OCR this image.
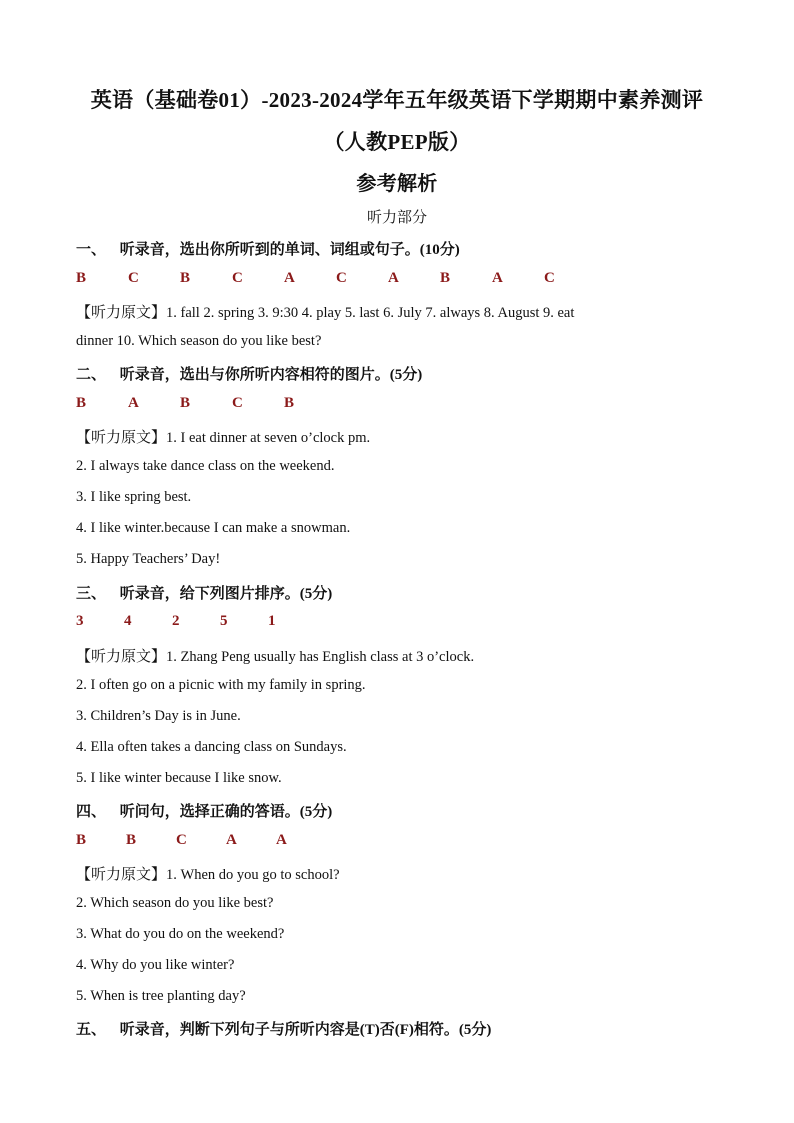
英语（基础卷01）-2023-2024学年五年级英语下学期期中素养测评
（人教PEP版）
参考解析
听力部分
一、 听录音，选出你所听到的单词、词组或句子。(10分)
B	C	B	C	A	C	A	B	A	C
【听力原文】1. fall 2. spring 3. 9:30 4. play 5. last 6. July 7. always 8. August 9. eat
dinner 10. Which season do you like best?
二、 听录音，选出与你所听内容相符的图片。(5分)
B	A	B	C	B
【听力原文】1. I eat dinner at seven o’clock pm.
2. I always take dance class on the weekend.
3. I like spring best.
4. I like winter.because I can make a snowman.
5. Happy Teachers’ Day!
三、 听录音，给下列图片排序。(5分)
3	4	2	5	1
【听力原文】1. Zhang Peng usually has English class at 3 o’clock.
2. I often go on a picnic with my family in spring.
3. Children’s Day is in June.
4. Ella often takes a dancing class on Sundays.
5. I like winter because I like snow.
四、 听问句，选择正确的答语。(5分)
B	B	C	A	A
【听力原文】1. When do you go to school?
2. Which season do you like best?
3. What do you do on the weekend?
4. Why do you like winter?
5. When is tree planting day?
五、 听录音，判断下列句子与所听内容是(T)否(F)相符。(5分)
